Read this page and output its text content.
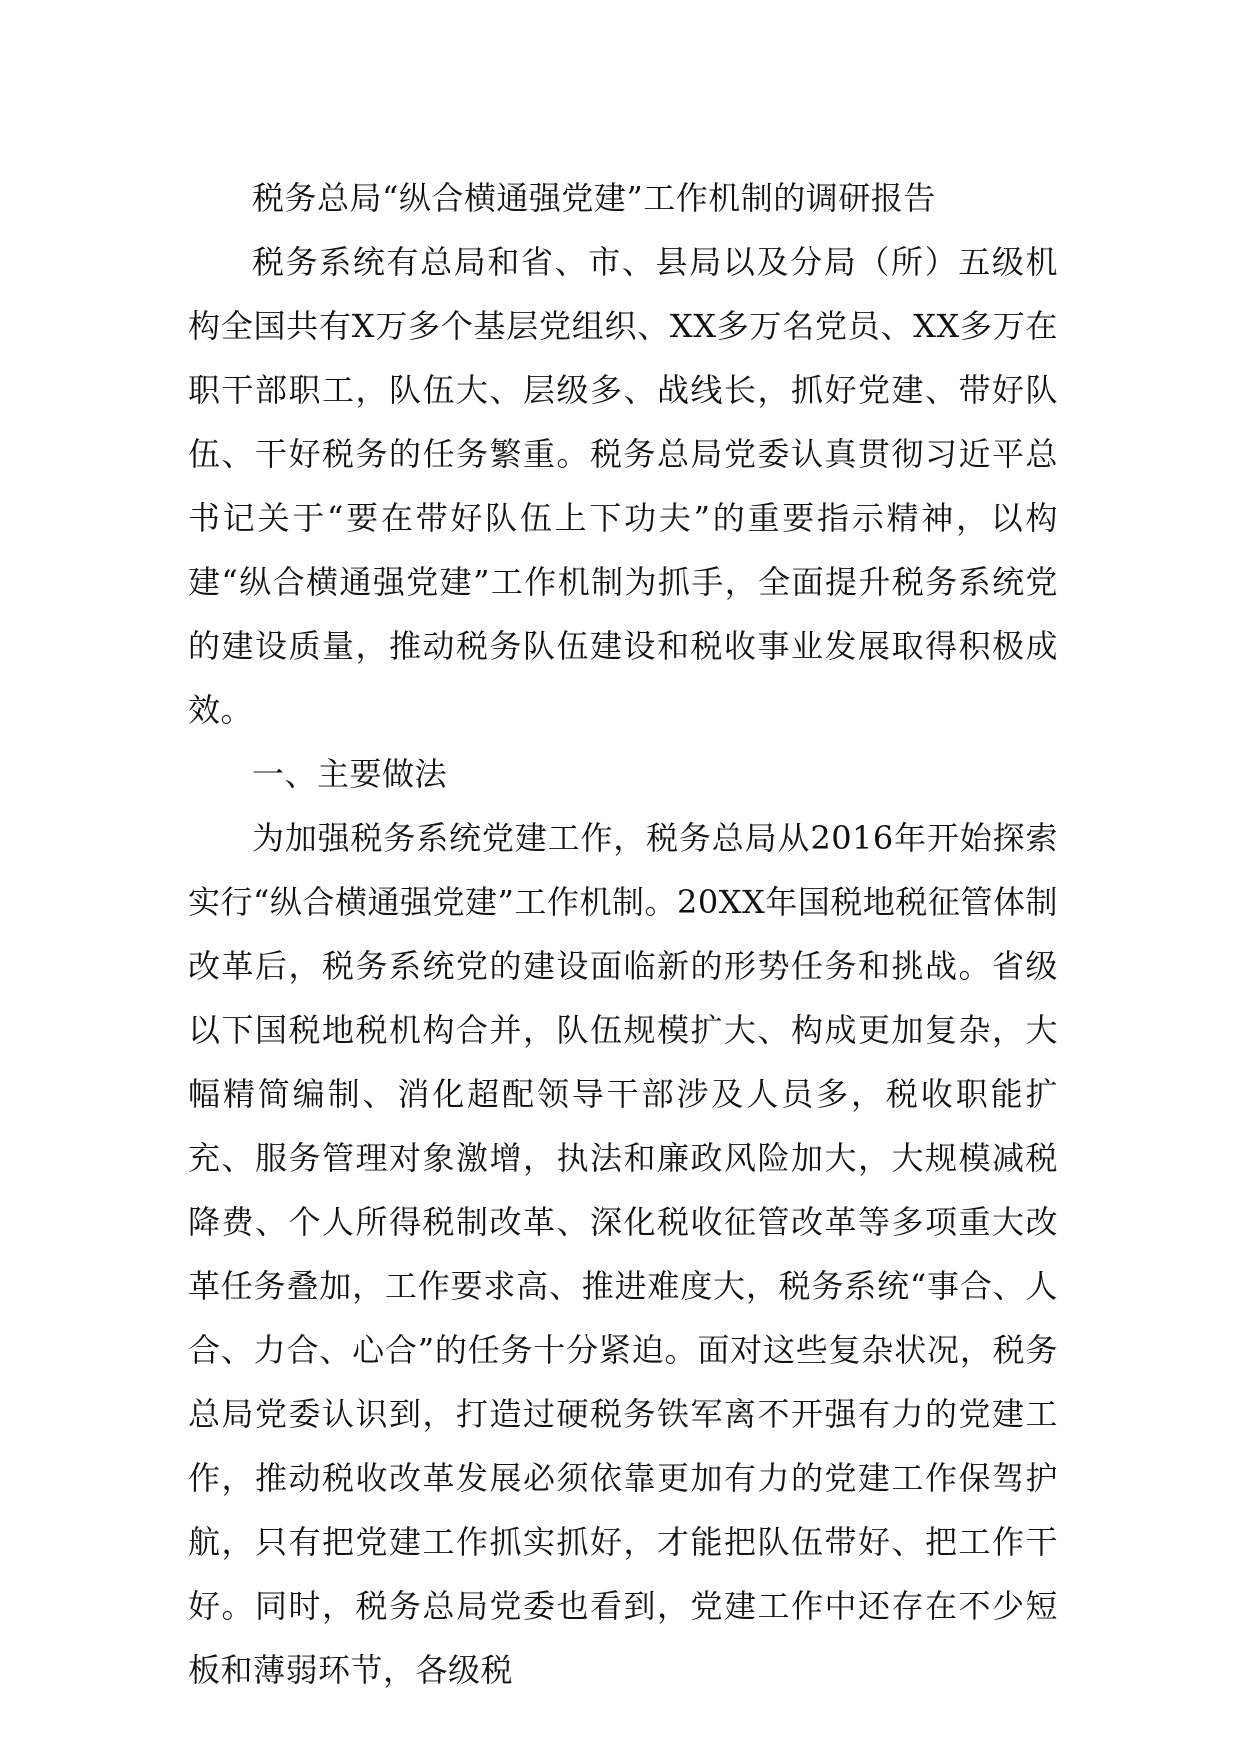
税务总局“纵合横通强党建”工作机制的调研报告

税务系统有总局和省、市、县局以及分局（所）五级机构全国共有X万多个基层党组织、XX多万名党员、XX多万在职干部职工，队伍大、层级多、战线长，抓好党建、带好队伍、干好税务的任务繁重。税务总局党委认真贯彻习近平总书记关于“要在带好队伍上下功夫”的重要指示精神，以构建“纵合横通强党建”工作机制为抓手，全面提升税务系统党的建设质量，推动税务队伍建设和税收事业发展取得积极成效。

一、主要做法

为加强税务系统党建工作，税务总局从2016年开始探索实行“纵合横通强党建”工作机制。20XX年国税地税征管体制改革后，税务系统党的建设面临新的形势任务和挑战。省级以下国税地税机构合并，队伍规模扩大、构成更加复杂，大幅精简编制、消化超配领导干部涉及人员多，税收职能扩充、服务管理对象激增，执法和廉政风险加大，大规模减税降费、个人所得税制改革、深化税收征管改革等多项重大改革任务叠加，工作要求高、推进难度大，税务系统“事合、人合、力合、心合”的任务十分紧迫。面对这些复杂状况，税务总局党委认识到，打造过硬税务铁军离不开强有力的党建工作，推动税收改革发展必须依靠更加有力的党建工作保驾护航，只有把党建工作抓实抓好，才能把队伍带好、把工作干好。同时，税务总局党委也看到，党建工作中还存在不少短板和薄弱环节，各级税
